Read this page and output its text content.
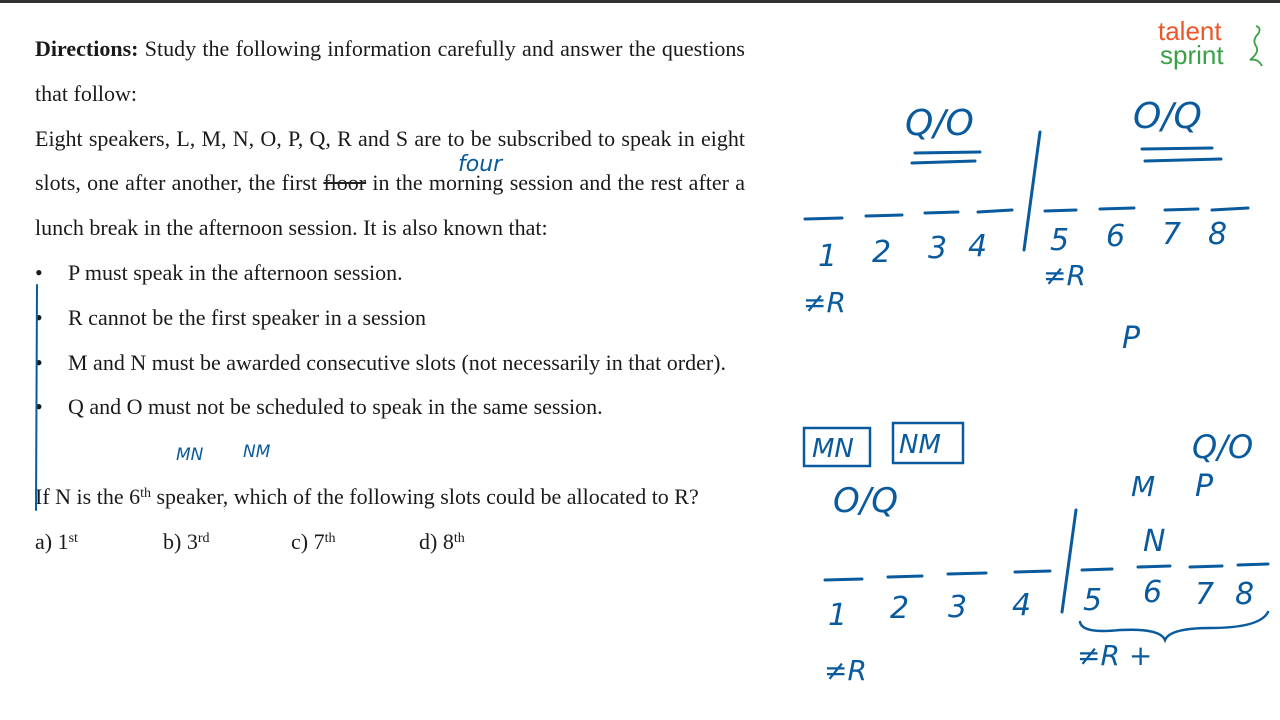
talent
sprint

Directions: Study the following information carefully and answer the questions that follow:

Eight speakers, L, M, N, O, P, Q, R and S are to be subscribed to speak in eight slots, one after another, the first floor in the morning session and the rest after a lunch break in the afternoon session. It is also known that:

• P must speak in the afternoon session.
• R cannot be the first speaker in a session
• M and N must be awarded consecutive slots (not necessarily in that order).
• Q and O must not be scheduled to speak in the same session.

If N is the 6th speaker, which of the following slots could be allocated to R?

a) 1st	b) 3rd	c) 7th	d) 8th
four
MN NM
Q/O	O/Q
1 2 3 4 5 6 7 8
≠R
≠R
P
MN NM
O/Q
Q/O
M P
N
1 2 3 4 5 6 7 8
≠R	≠R +
